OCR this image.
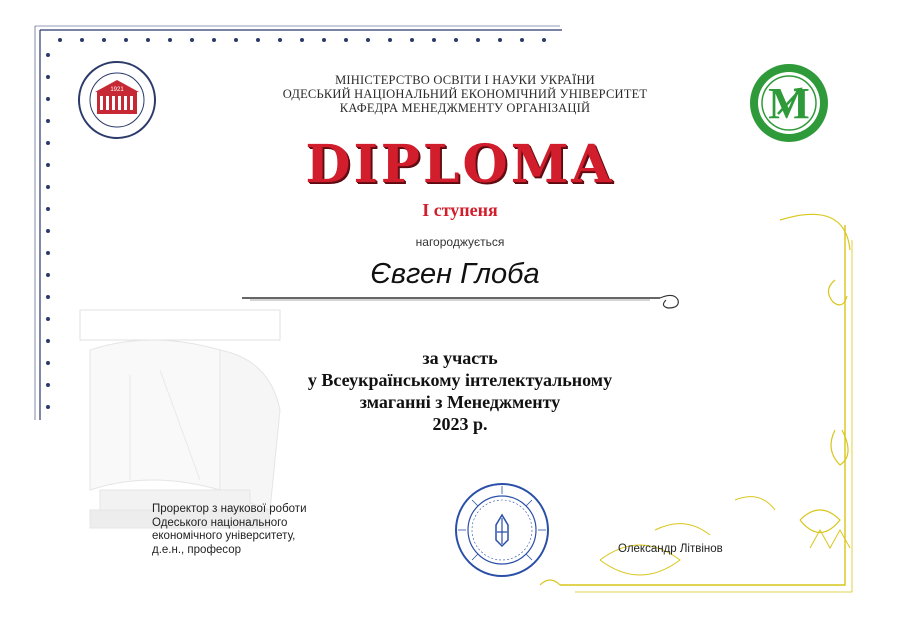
1921	M
МІНІСТЕРСТВО ОСВІТИ І НАУКИ УКРАЇНИ
ОДЕСЬКИЙ НАЦІОНАЛЬНИЙ ЕКОНОМІЧНИЙ УНІВЕРСИТЕТ
КАФЕДРА МЕНЕДЖМЕНТУ ОРГАНІЗАЦІЙ
DIPLOMA
І ступеня
нагороджується
Євген Глоба
за участь
у Всеукраїнському інтелектуальному
змаганні з Менеджменту
2023 р.
Проректор з наукової роботи
Одеського національного
економічного університету,
д.е.н., професор	Олександр Літвінов
